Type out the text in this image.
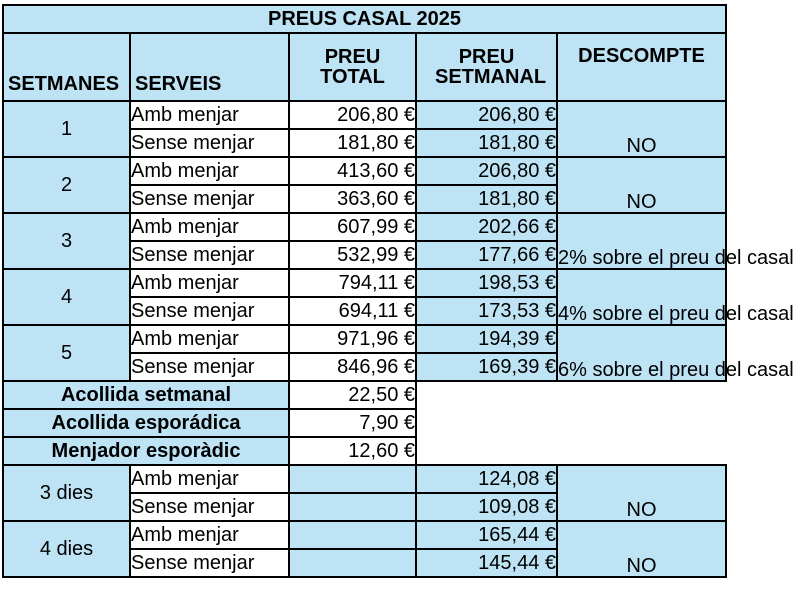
PREUS CASAL 2025				
SETMANES	SERVEIS	PREU TOTAL	PREU SETMANAL	DESCOMPTE
1	Amb menjar	206,80 €	206,80 €	NO
	Sense menjar	181,80 €	181,80 €	
2	Amb menjar	413,60 €	206,80 €	NO
	Sense menjar	363,60 €	181,80 €	
3	Amb menjar	607,99 €	202,66 €	2% sobre el preu del casal
	Sense menjar	532,99 €	177,66 €	
4	Amb menjar	794,11 €	198,53 €	4% sobre el preu del casal
	Sense menjar	694,11 €	173,53 €	
5	Amb menjar	971,96 €	194,39 €	6% sobre el preu del casal
	Sense menjar	846,96 €	169,39 €	
Acollida setmanal		22,50 €		
Acollida esporádica		7,90 €		
Menjador esporàdic		12,60 €		
3 dies	Amb menjar		124,08 €	NO
	Sense menjar		109,08 €	
4 dies	Amb menjar		165,44 €	NO
	Sense menjar		145,44 €	
